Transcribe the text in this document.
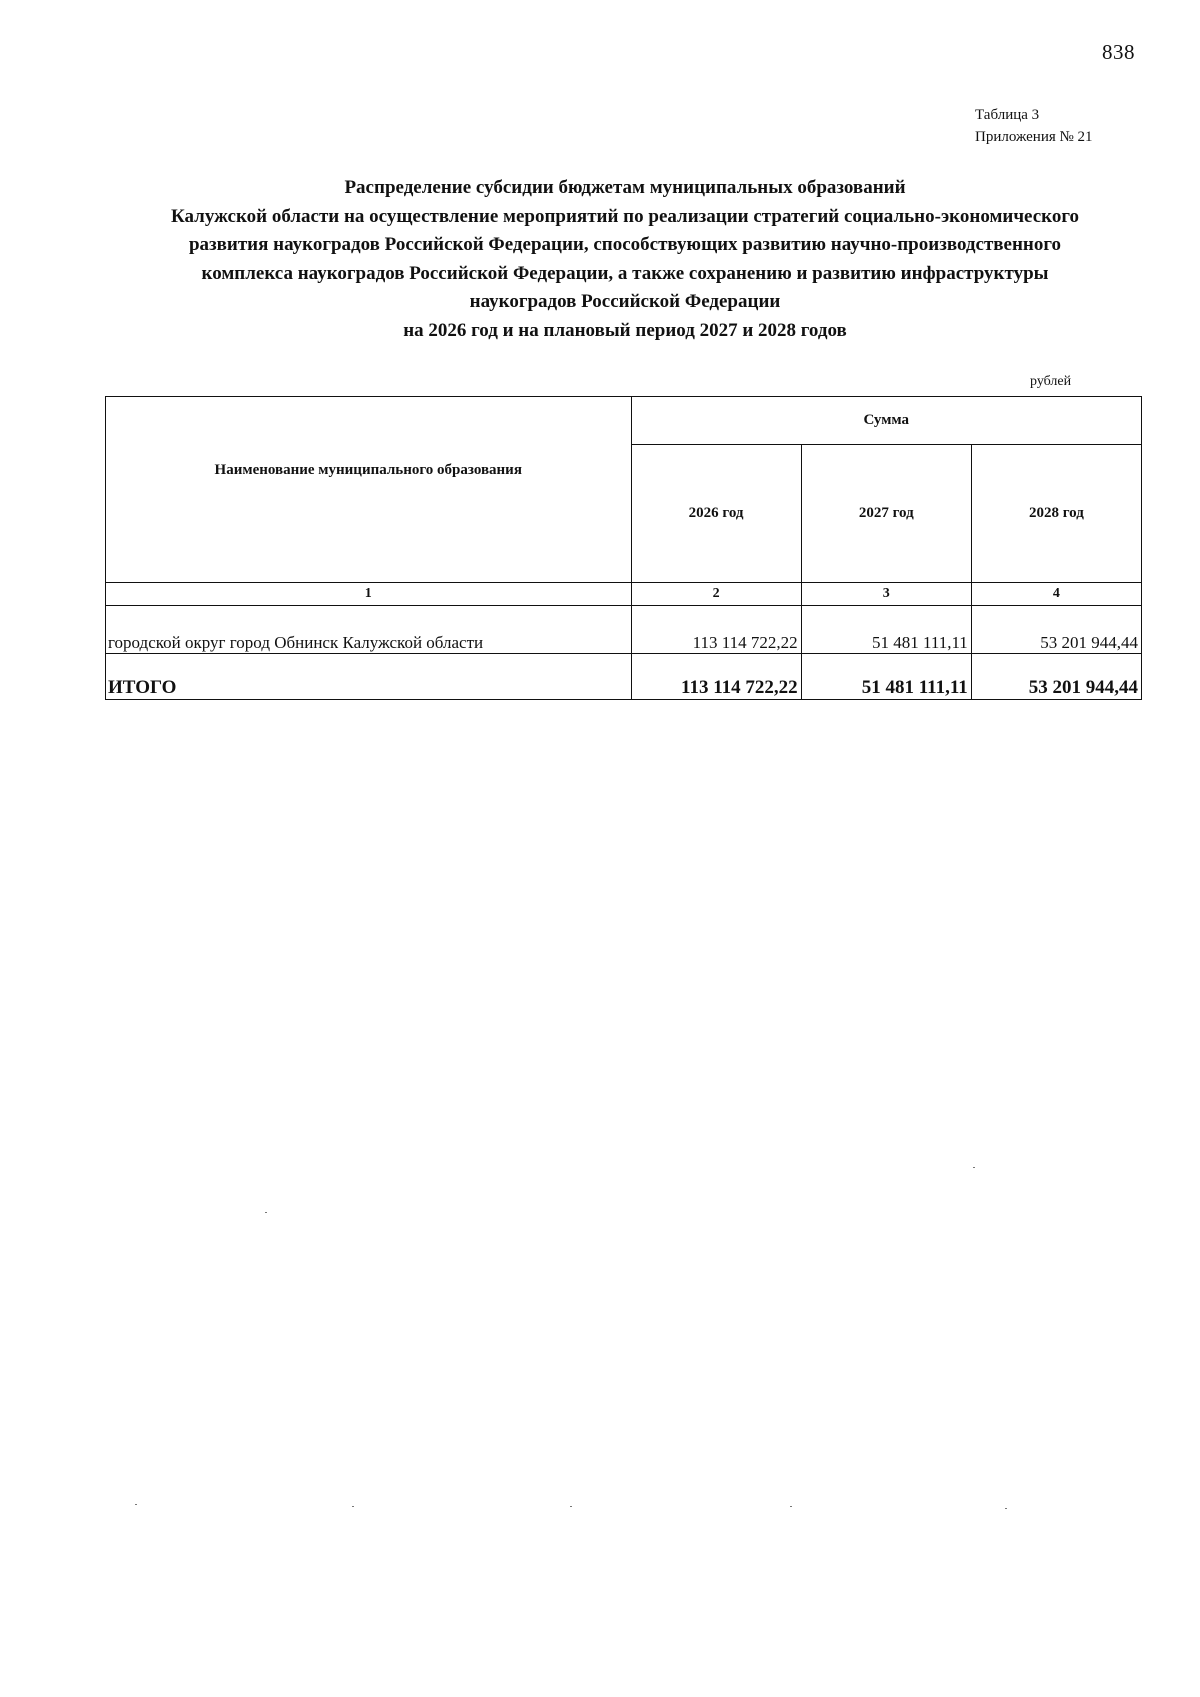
838
Таблица 3
Приложения № 21
Распределение субсидии бюджетам муниципальных образований
Калужской области на осуществление мероприятий по реализации стратегий социально-экономического
развития наукоградов Российской Федерации, способствующих развитию научно-производственного
комплекса наукоградов Российской Федерации, а также сохранению и развитию инфраструктуры
наукоградов Российской Федерации
на 2026 год и на плановый период 2027 и 2028 годов
рублей
Наименование муниципального образования	Сумма		
	2026 год	2027 год	2028 год
1	2	3	4
городской округ город Обнинск Калужской области	113 114 722,22	51 481 111,11	53 201 944,44
ИТОГО	113 114 722,22	51 481 111,11	53 201 944,44
